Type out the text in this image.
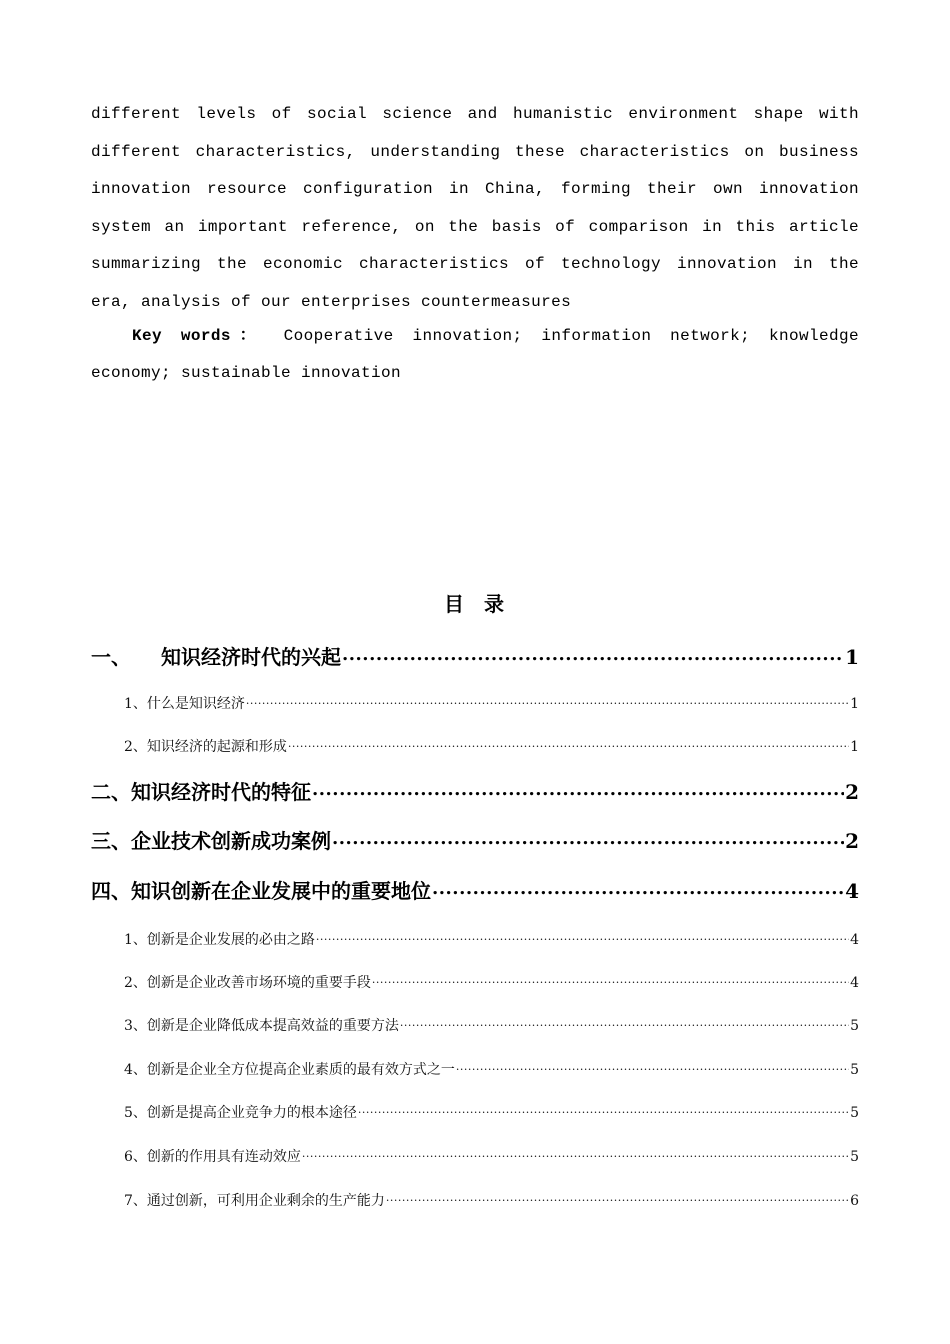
different levels of social science and humanistic environment shape with different characteristics, understanding these characteristics on business innovation resource configuration in China, forming their own innovation system an important reference, on the basis of comparison in this article summarizing the economic characteristics of technology innovation in the era, analysis of our enterprises countermeasures

Key words： Cooperative innovation; information network; knowledge economy; sustainable innovation

目  录
一、 知识经济时代的兴起 .....	1
1、 什么是知识经济 .....	1
2、 知识经济的起源和形成 .....	1
二、 知识经济时代的特征 .....	2
三、 企业技术创新成功案例 .....	2
四、 知识创新在企业发展中的重要地位 .....	4
1、 创新是企业发展的必由之路 .....	4
2、 创新是企业改善市场环境的重要手段 .....	4
3、 创新是企业降低成本提高效益的重要方法 .....	5
4、 创新是企业全方位提高企业素质的最有效方式之一 .....	5
5、 创新是提高企业竞争力的根本途径 .....	5
6、 创新的作用具有连动效应 .....	5
7、 通过创新，可利用企业剩余的生产能力 .....	6
